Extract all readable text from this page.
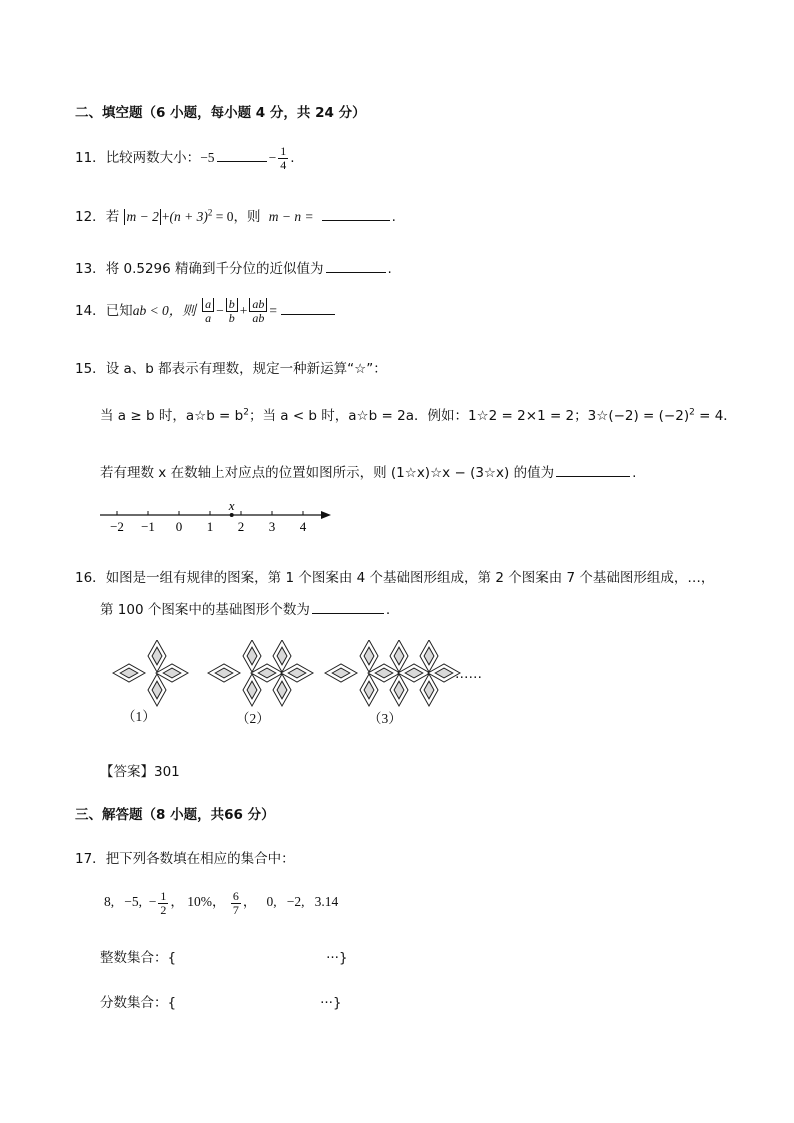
二、填空题（6 小题，每小题 4 分，共 24 分）
11．比较两数大小：−5	− $\frac{1}{4}$ .
12．若 $m - 2 +(n + 3)^2 = 0$，则 m − n =	.
13．将 0.5296 精确到千分位的近似值为	.
14．已知ab < 0，则 $\frac{a}{a} - \frac{b}{b} + \frac{ab}{ab}$ =
15．设 a、b 都表示有理数，规定一种新运算“☆”：
当 a ≥ b 时，a☆b = $b^2$；当 a < b 时，a☆b = 2a．例如：1☆2 = 2×1 = 2；3☆(−2) = $(-2)^2 = 4$．
若有理数 x 在数轴上对应点的位置如图所示，则 (1☆x)☆x − (3☆x) 的值为	.
−2 −1 0 1 2 3 4
x
16．如图是一组有规律的图案，第 1 个图案由 4 个基础图形组成，第 2 个图案由 7 个基础图形组成，…，
第 100 个图案中的基础图形个数为	.
（1）	（2）	（3）
……
【答案】301
三、解答题（8 小题，共66 分）
17．把下列各数填在相应的集合中：
8, −5, − $\frac{1}{2}$ ， 10%， $\frac{6}{7}$ ， 0, −2, 3.14
整数集合：{	···}
分数集合：{	···}
